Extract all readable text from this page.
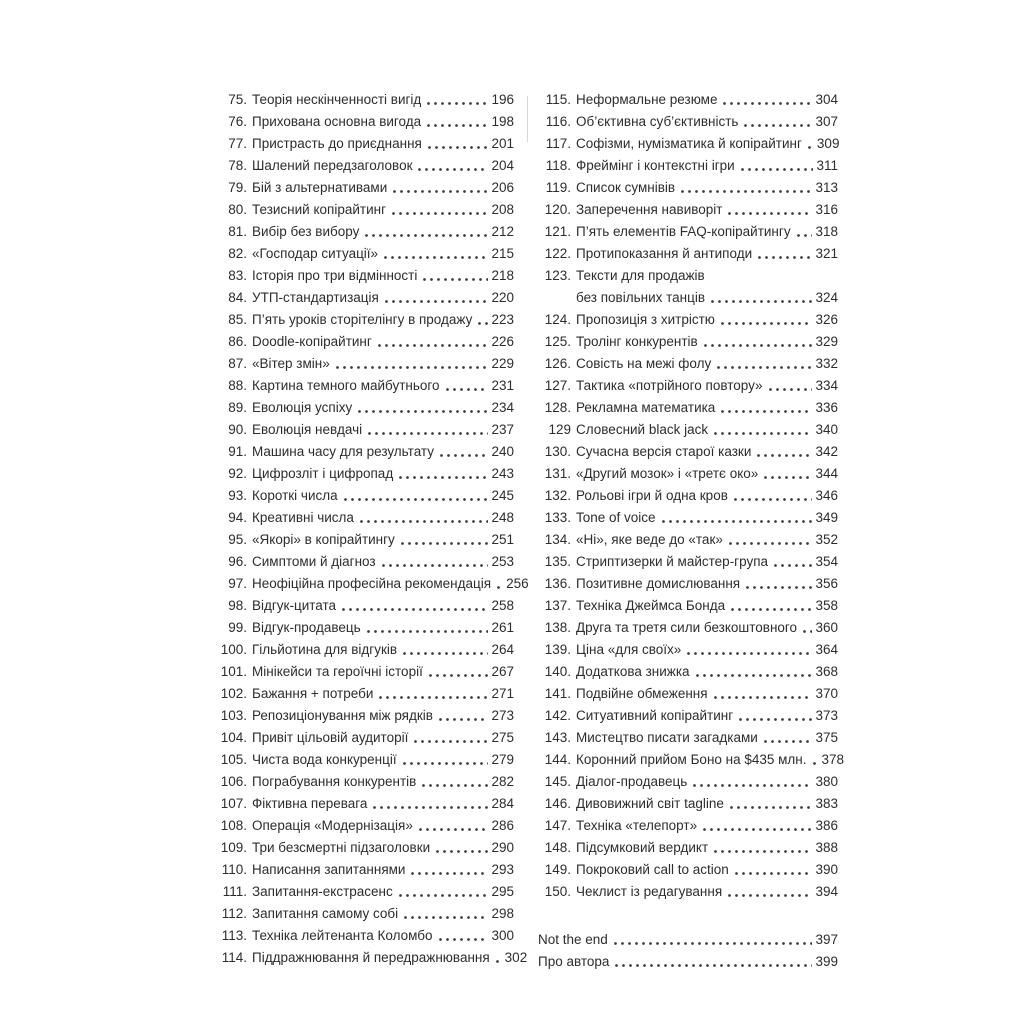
75. Теорія нескінченності вигід	196
76. Прихована основна вигода	198
77. Пристрасть до приєднання	201
78. Шалений передзаголовок	204
79. Бій з альтернативами	206
80. Тезисний копірайтинг	208
81. Вибір без вибору	212
82. «Господар ситуації»	215
83. Історія про три відмінності	218
84. УТП-стандартизація	220
85. П’ять уроків сторітелінгу в продажу 223
86. Doodle-копірайтинг	226
87. «Вітер змін»	229
88. Картина темного майбутнього	231
89. Еволюція успіху	234
90. Еволюція невдачі	237
91. Машина часу для результату	240
92. Цифрозліт і цифропад	243
93. Короткі числа	245
94. Креативні числа	248
95. «Якорі» в копірайтингу	251
96. Симптоми й діагноз	253
97. Неофіційна професійна рекомендація 256
98. Відгук-цитата	258
99. Відгук-продавець	261
100. Гільйотина для відгуків	264
101. Мінікейси та героїчні історії	267
102. Бажання + потреби	271
103. Репозиціонування між рядків	273
104. Привіт цільовій аудиторії	275
105. Чиста вода конкуренції	279
106. Пограбування конкурентів	282
107. Фіктивна перевага	284
108. Операція «Модернізація»	286
109. Три безсмертні підзаголовки	290
110. Написання запитаннями	293
111. Запитання-екстрасенс	295
112. Запитання самому собі	298
113. Техніка лейтенанта Коломбо	300
114. Піддражнювання й передражнювання 302
115. Неформальне резюме	304
116. Об’єктивна суб’єктивність	307
117. Софізми, нумізматика й копірайтинг 309
118. Фреймінг і контекстні ігри	311
119. Список сумнівів	313
120. Заперечення навиворіт	316
121. П’ять елементів FAQ-копірайтингу 318
122. Протипоказання й антиподи	321
123. Тексти для продажів
без повільних танців	324
124. Пропозиція з хитрістю	326
125. Тролінг конкурентів	329
126. Совість на межі фолу	332
127. Тактика «потрійного повтору»	334
128. Рекламна математика	336
129 Словесний black jack	340
130. Сучасна версія старої казки	342
131. «Другий мозок» і «третє око»	344
132. Рольові ігри й одна кров	346
133. Tone of voice	349
134. «Ні», яке веде до «так»	352
135. Стриптизерки й майстер-група	354
136. Позитивне домислювання	356
137. Техніка Джеймса Бонда	358
138. Друга та третя сили безкоштовного 360
139. Ціна «для своїх»	364
140. Додаткова знижка	368
141. Подвійне обмеження	370
142. Ситуативний копірайтинг	373
143. Мистецтво писати загадками	375
144. Коронний прийом Боно на $435 млн. 378
145. Діалог-продавець	380
146. Дивовижний світ tagline	383
147. Техніка «телепорт»	386
148. Підсумковий вердикт	388
149. Покроковий call to action	390
150. Чеклист із редагування	394
Not the end	397
Про автора	399
